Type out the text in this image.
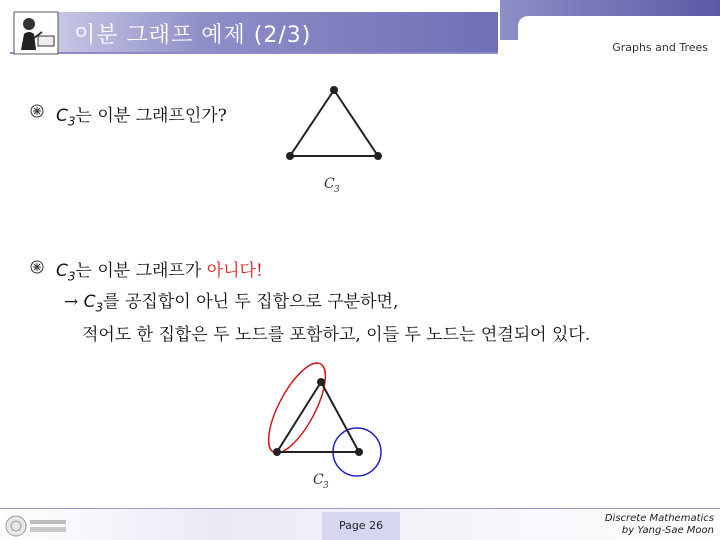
이분 그래프 예제 (2/3)	Graphs and Trees
$C_3$는 이분 그래프인가?
C 3
$C_3$는 이분 그래프가 아니다!
→ $C_3$를 공집합이 아닌 두 집합으로 구분하면,
적어도 한 집합은 두 노드를 포함하고, 이들 두 노드는 연결되어 있다.
C 3
Page 26
Discrete Mathematics
by Yang-Sae Moon
